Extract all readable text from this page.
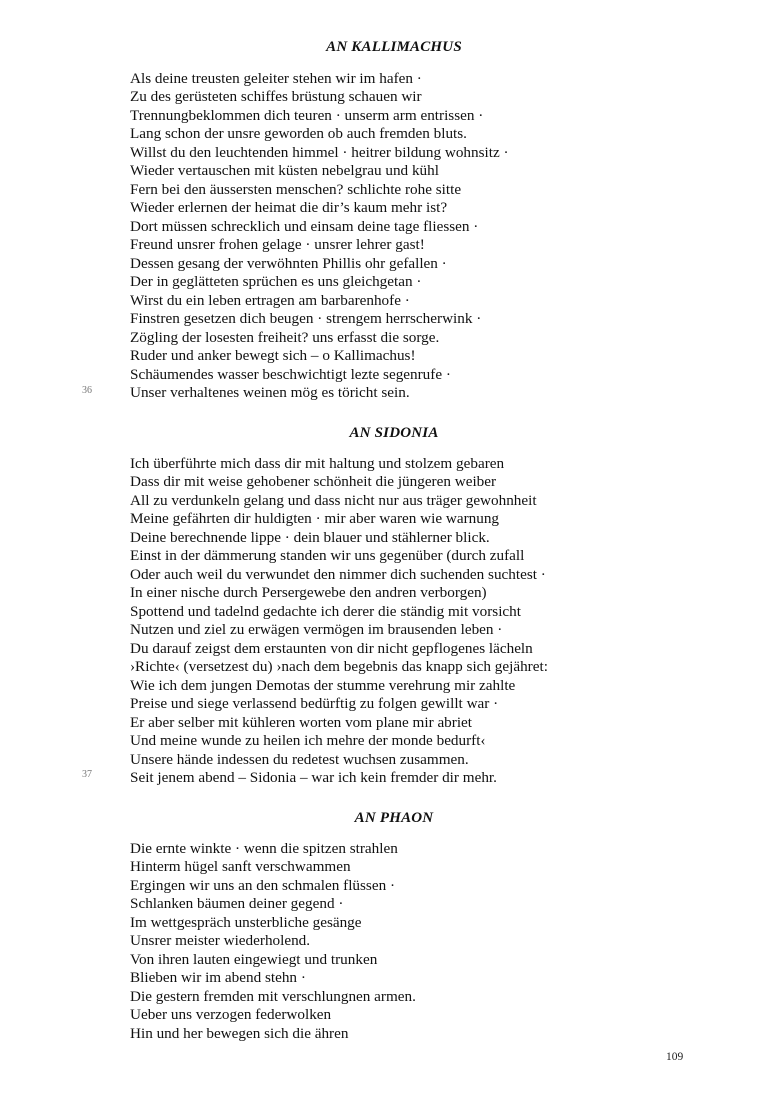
AN KALLIMACHUS
Als deine treusten geleiter stehen wir im hafen ·
Zu des gerüsteten schiffes brüstung schauen wir
Trennungbeklommen dich teuren · unserm arm entrissen ·
Lang schon der unsre geworden ob auch fremden bluts.
Willst du den leuchtenden himmel · heitrer bildung wohnsitz ·
Wieder vertauschen mit küsten nebelgrau und kühl
Fern bei den äussersten menschen? schlichte rohe sitte
Wieder erlernen der heimat die dir’s kaum mehr ist?
Dort müssen schrecklich und einsam deine tage fliessen ·
Freund unsrer frohen gelage · unsrer lehrer gast!
Dessen gesang der verwöhnten Phillis ohr gefallen ·
Der in geglätteten sprüchen es uns gleichgetan ·
Wirst du ein leben ertragen am barbarenhofe ·
Finstren gesetzen dich beugen · strengem herrscherwink ·
Zögling der losesten freiheit? uns erfasst die sorge.
Ruder und anker bewegt sich – o Kallimachus!
Schäumendes wasser beschwichtigt lezte segenrufe ·
Unser verhaltenes weinen mög es töricht sein.
36
AN SIDONIA
Ich überführte mich dass dir mit haltung und stolzem gebaren
Dass dir mit weise gehobener schönheit die jüngeren weiber
All zu verdunkeln gelang und dass nicht nur aus träger gewohnheit
Meine gefährten dir huldigten · mir aber waren wie warnung
Deine berechnende lippe · dein blauer und stählerner blick.
Einst in der dämmerung standen wir uns gegenüber (durch zufall
Oder auch weil du verwundet den nimmer dich suchenden suchtest ·
In einer nische durch Persergewebe den andren verborgen)
Spottend und tadelnd gedachte ich derer die ständig mit vorsicht
Nutzen und ziel zu erwägen vermögen im brausenden leben ·
Du darauf zeigst dem erstaunten von dir nicht gepflogenes lächeln
›Richte‹ (versetzest du) ›nach dem begebnis das knapp sich gejähret:
Wie ich dem jungen Demotas der stumme verehrung mir zahlte
Preise und siege verlassend bedürftig zu folgen gewillt war ·
Er aber selber mit kühleren worten vom plane mir abriet
Und meine wunde zu heilen ich mehre der monde bedurft‹
Unsere hände indessen du redetest wuchsen zusammen.
Seit jenem abend – Sidonia – war ich kein fremder dir mehr.
37
AN PHAON
Die ernte winkte · wenn die spitzen strahlen
Hinterm hügel sanft verschwammen
Ergingen wir uns an den schmalen flüssen ·
Schlanken bäumen deiner gegend ·
Im wettgespräch unsterbliche gesänge
Unsrer meister wiederholend.
Von ihren lauten eingewiegt und trunken
Blieben wir im abend stehn ·
Die gestern fremden mit verschlungnen armen.
Ueber uns verzogen federwolken
Hin und her bewegen sich die ähren
109
